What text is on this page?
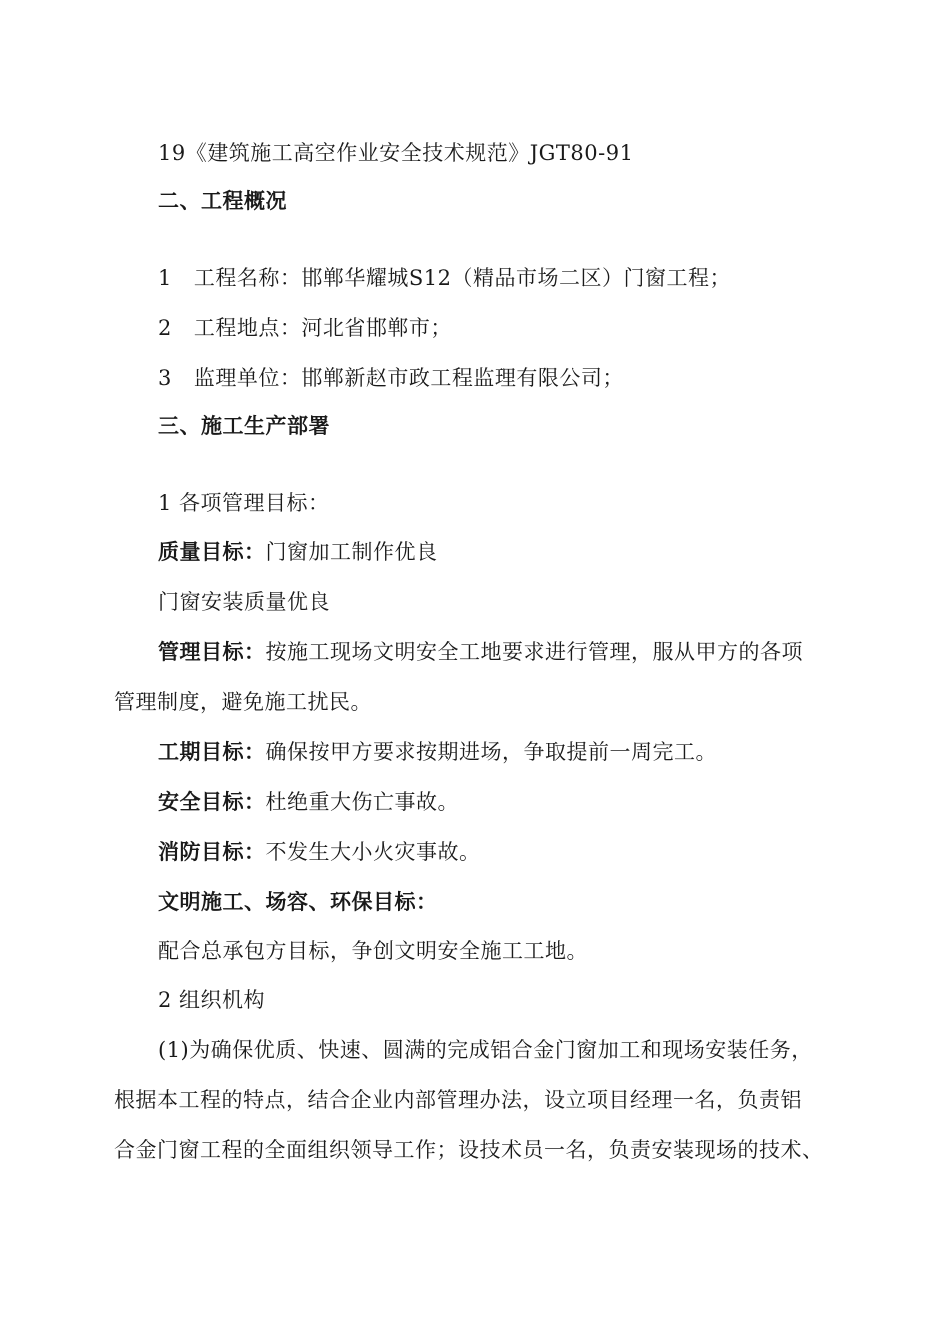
19《建筑施工高空作业安全技术规范》JGT80-91
二、工程概况
1 工程名称：邯郸华耀城S12（精品市场二区）门窗工程；
2 工程地点：河北省邯郸市；
3 监理单位：邯郸新赵市政工程监理有限公司；
三、施工生产部署
1 各项管理目标：
质量目标：门窗加工制作优良
门窗安装质量优良
管理目标：按施工现场文明安全工地要求进行管理，服从甲方的各项
管理制度，避免施工扰民。
工期目标：确保按甲方要求按期进场，争取提前一周完工。
安全目标：杜绝重大伤亡事故。
消防目标：不发生大小火灾事故。
文明施工、场容、环保目标：
配合总承包方目标，争创文明安全施工工地。
2 组织机构
(1)为确保优质、快速、圆满的完成铝合金门窗加工和现场安装任务，
根据本工程的特点，结合企业内部管理办法，设立项目经理一名，负责铝
合金门窗工程的全面组织领导工作；设技术员一名，负责安装现场的技术、
